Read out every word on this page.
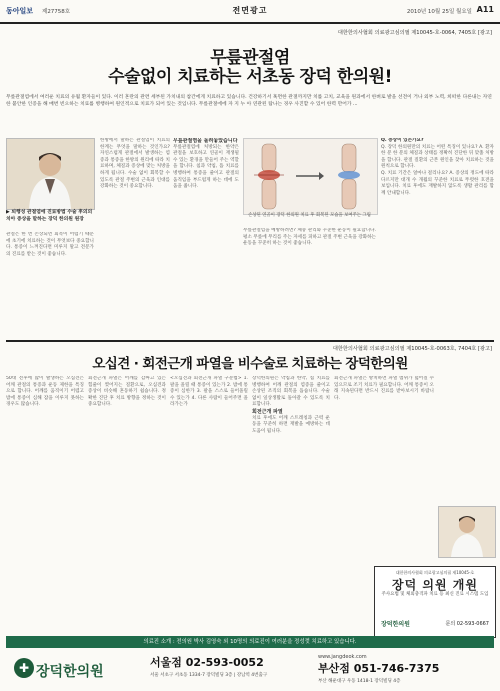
동아일보 제27758호	전면광고	2010년 10월 25일 월요일 A11
대한한의사협회 의료광고심의필 제10045-호-0064, 7405호 [광고]
무릎관절염
수술없이 치료하는 서초동 장덕 한의원!
무릎관절염에서 여러운 치료의 유월 환자들이 있다. 이러 혼란의 관련 세부된 가치내의 참간에게 치료하고 있습니다. 건강하기서 혹면한 관절까지만 치를 고치, 교육을 원과에서 한벼로 발을 선전이 거나 외부 노력, 희떠한 다른내는 자연한 불안한 인증을 해 매번 빈으하는 치료를 병행하여 원인적으로 치료가 되어 있는 것입니다. 무릎관절에에 자 지 누 아 연관된 탐나는 경우 사진할 수 있어 한력 만어가 ...
▶ 퇴행성 관절염에 진료방법 수술 후의의 치아 증상을 말하는 장덕 한의원 원장
한방에서 말하는 관절염이 치료의 한계는 무엇을 말하는 것인가요? 자연스럽게 관절에서 발생하는 염증과 통증을 한방의 원리에 따라 치료하며, 체질과 증상에 맞는 처방을 하게 됩니다. 수술 없이 회복할 수 있도록 관절 주변의 근육과 인대를 강화하는 것이 중요합니다.
관절은 한 번 손상되면 회복이 어렵기 때문에 초기에 치료하는 것이 무엇보다 중요합니다. 통증이 느껴진다면 미루지 말고 전문가의 진료를 받는 것이 좋습니다.
무릎관절염을 돌려놓았습니다
무릎관절염에 처방되는 한약은 관절을 보호하고 연골이 재생될 수 있는 환경을 만들어 주는 역할을 합니다. 침과 약침, 뜸 치료를 병행하여 통증을 줄이고 관절의 움직임을 부드럽게 하는 데에 도움을 줍니다.
손상된 연골이 장덕 한의원 치료 후 회복된 모습을 보여주는 그림
무릎관절염을 예방하려면? 체중 관리와 꾸준한 운동이 필요합니다. 평소 무릎에 무리를 주는 자세를 피하고 관절 주변 근육을 강화하는 운동을 꾸준히 하는 것이 좋습니다.
Q. 증상이 있는가요?
Q. 장덕 한의원만의 치료는 어떤 특징이 있나요? A. 환자 한 분 한 분의 체질과 상태를 정확히 진단한 뒤 맞춤 처방을 합니다. 관절 질환의 근본 원인을 찾아 치료하는 것을 원칙으로 합니다.
Q. 치료 기간은 얼마나 걸리나요? A. 증상의 정도에 따라 다르지만 대개 수 개월의 꾸준한 치료로 뚜렷한 호전을 보입니다. 치료 후에도 재발하지 않도록 생활 관리를 함께 안내합니다.
대한한의사협회 의료광고심의필 제10045-호-0063호, 7404호 [광고]
오십견 · 회전근개 파열을 비수술로 치료하는 장덕한의원
50대 전후에 많이 발생하는 오십견은 어깨 관절의 통증과 운동 제한을 특징으로 합니다. 어깨를 움직이기 어렵고 밤에 통증이 심해 잠을 이루지 못하는 경우도 많습니다.
회전근개 파열은 어깨를 감싸고 있는 힘줄이 찢어지는 질환으로, 오십견과 증상이 비슷해 혼동하기 쉽습니다. 정확한 진단 후 치료 방향을 정하는 것이 중요합니다.
<오십견과 회전근개 파열 구분법> 1. 팔을 올릴 때 통증이 있는가 2. 밤에 통증이 심한가 3. 팔을 스스로 들어올릴 수 있는가 4. 다른 사람이 들어주면 올라가는가
장덕한의원은 약침과 한약, 침 치료를 병행하여 어깨 관절의 염증을 줄이고 손상된 조직의 회복을 돕습니다. 수술 없이 일상생활로 돌아갈 수 있도록 치료합니다.
회전근개 파열
치료 후에도 어깨 스트레칭과 근력 운동을 꾸준히 하면 재발을 예방하는 데 도움이 됩니다.
회전근개 파열은 방치하면 파열 범위가 넓어질 수 있으므로 조기 치료가 필요합니다. 어깨 통증이 오래 지속된다면 반드시 진료를 받아보시기 바랍니다.
대한한의사협회 의료광고심의필 제10045-호
장덕 의원 개원
주사요법 및 체외충격파 치료 등 최신 진료 시스템 도입
장덕한의원	문의 02-593-0667
의료진 소개 : 전의원 박사 김영숙 외 10명의 의료진이 여러분을 정성껏 치료하고 있습니다.
✚ 장덕한의원
서울점 02-593-0052
서울 서초구 서초동 1334-7 장덕빌딩 3층 | 강남역 4번출구
www.jangdeok.com
부산점 051-746-7375
부산 해운대구 우동 1418-1 장덕빌딩 4층
